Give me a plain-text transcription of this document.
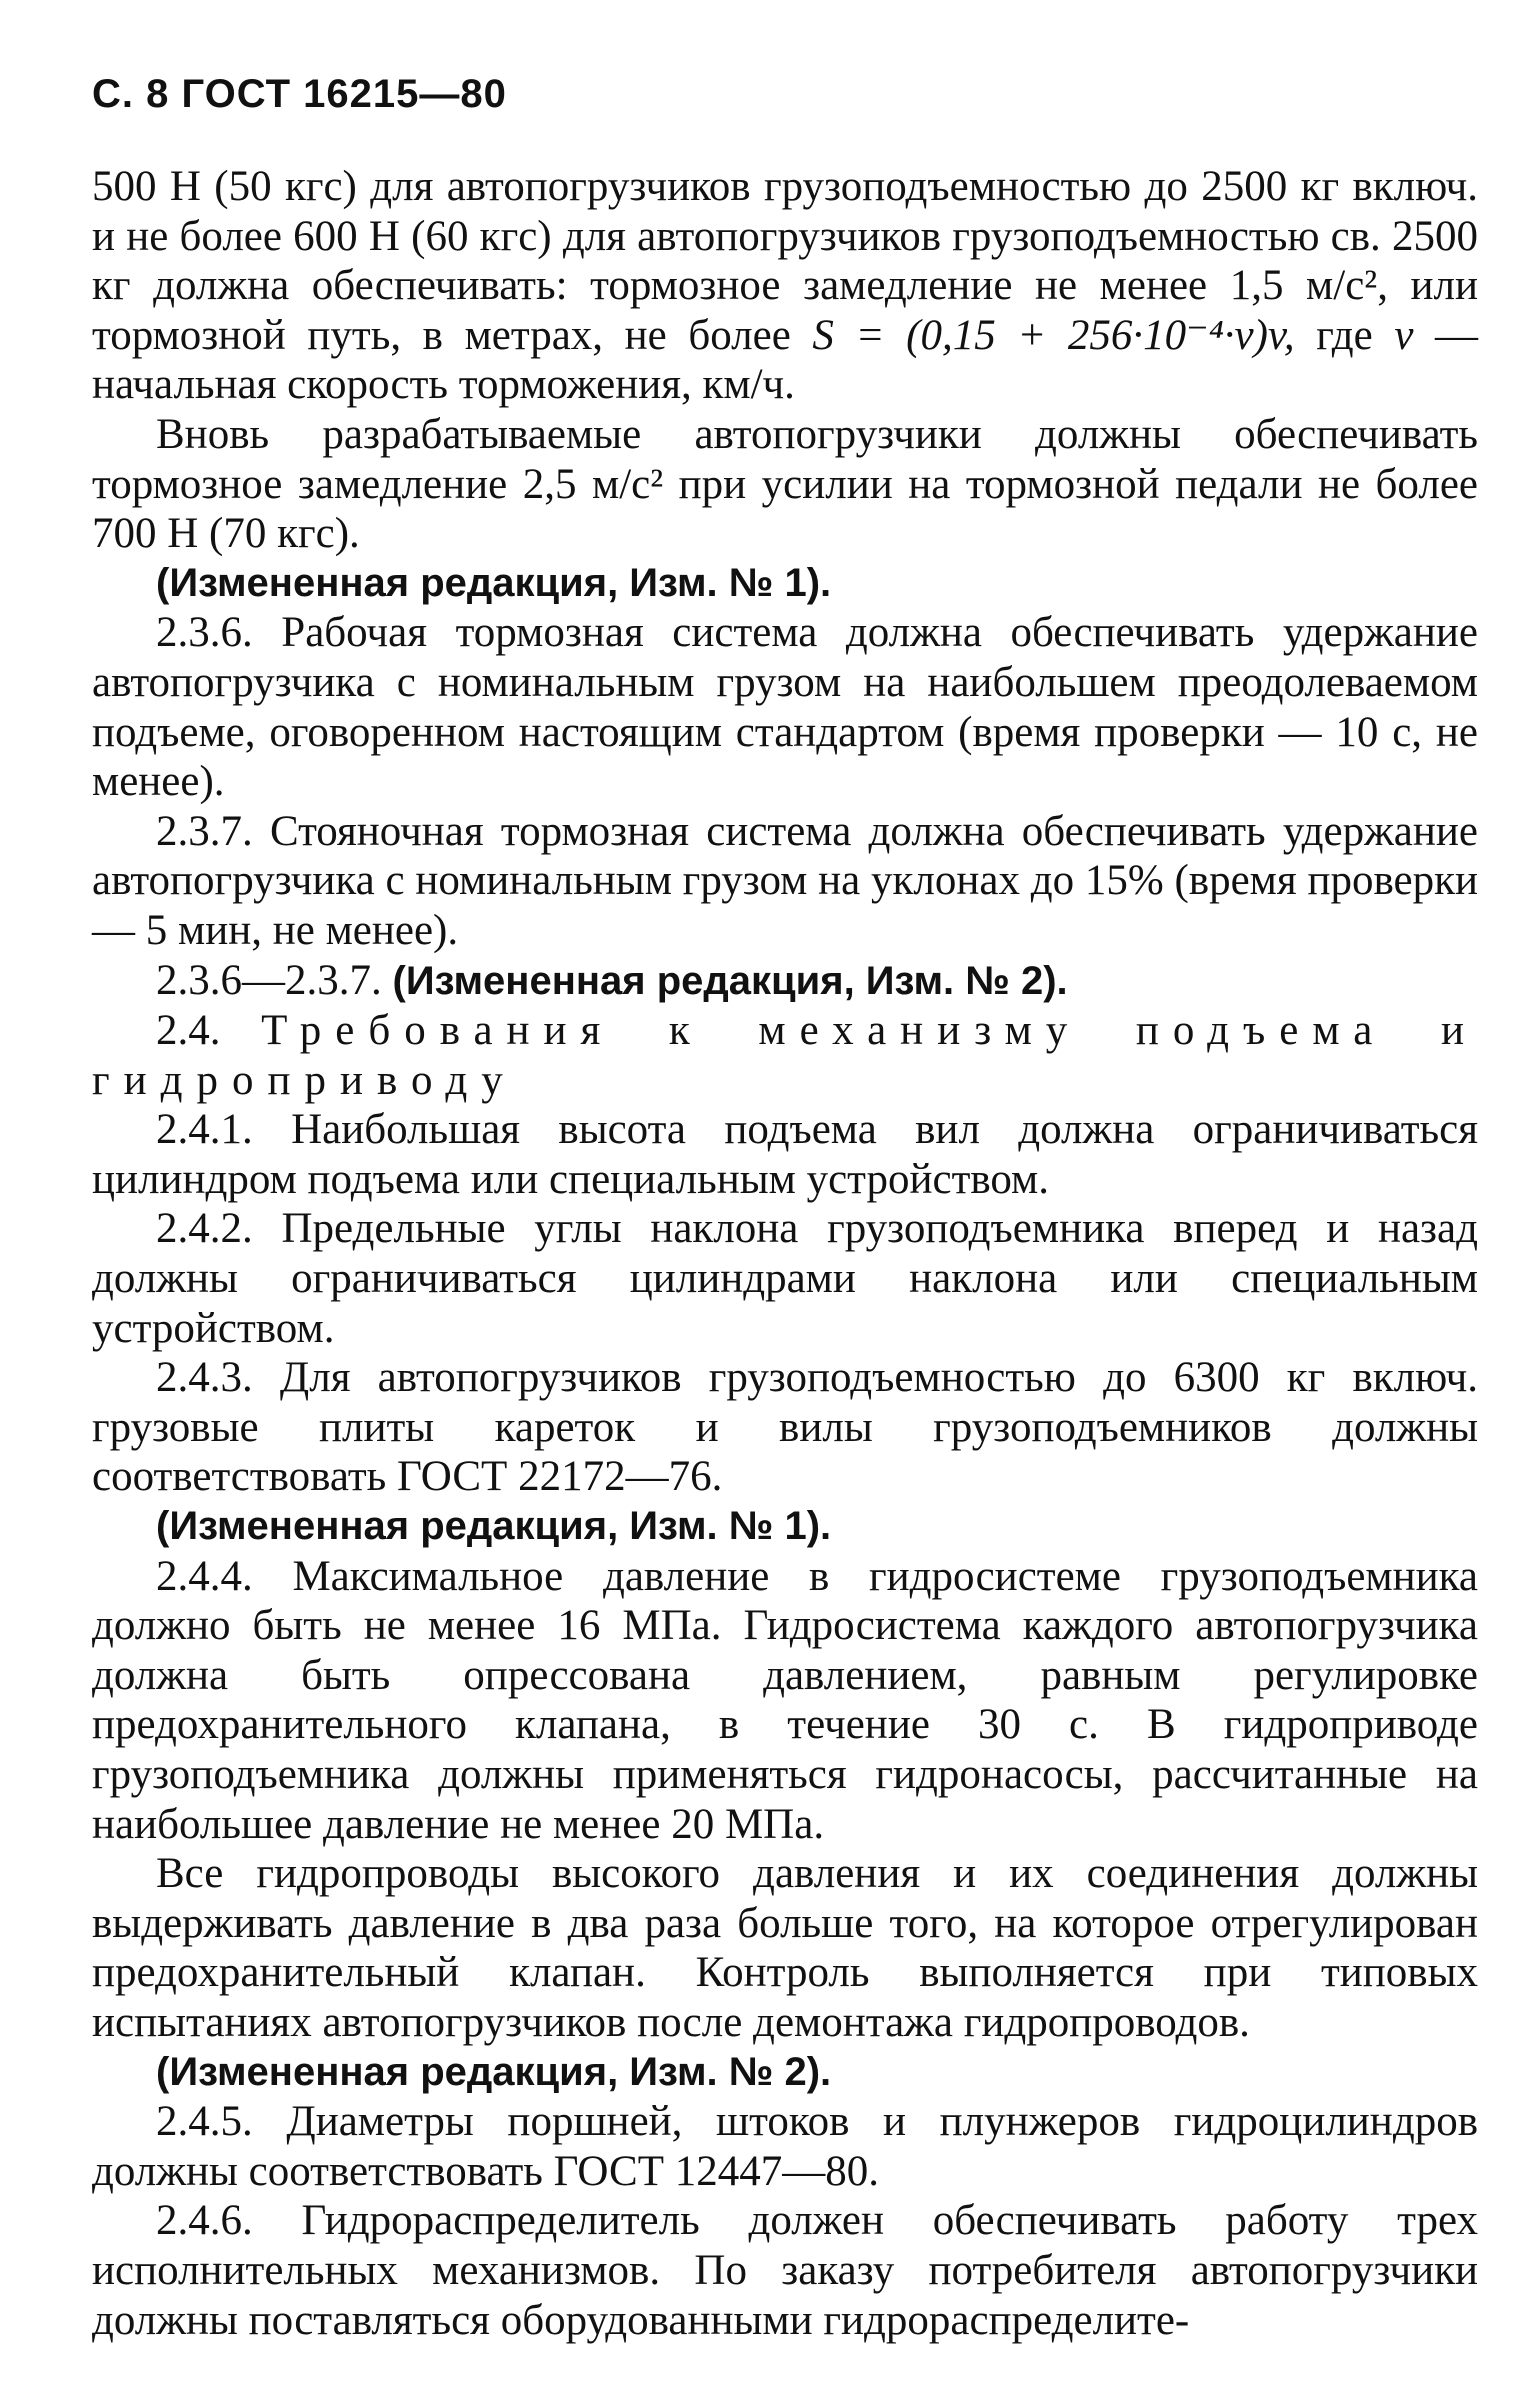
С. 8 ГОСТ 16215—80

500 Н (50 кгс) для автопогрузчиков грузоподъемностью до 2500 кг включ. и не более 600 Н (60 кгс) для автопогрузчиков грузоподъемностью св. 2500 кг должна обеспечивать: тормозное замедление не менее 1,5 м/с², или тормозной путь, в метрах, не более S = (0,15 + 256·10⁻⁴·v)v, где v — начальная скорость торможения, км/ч.

Вновь разрабатываемые автопогрузчики должны обеспечивать тормозное замедление 2,5 м/с² при усилии на тормозной педали не более 700 Н (70 кгс).

(Измененная редакция, Изм. № 1).

2.3.6. Рабочая тормозная система должна обеспечивать удержание автопогрузчика с номинальным грузом на наибольшем преодолеваемом подъеме, оговоренном настоящим стандартом (время проверки — 10 с, не менее).

2.3.7. Стояночная тормозная система должна обеспечивать удержание автопогрузчика с номинальным грузом на уклонах до 15% (время проверки — 5 мин, не менее).

2.3.6—2.3.7. (Измененная редакция, Изм. № 2).

2.4. Требования к механизму подъема и гидроприводу

2.4.1. Наибольшая высота подъема вил должна ограничиваться цилиндром подъема или специальным устройством.

2.4.2. Предельные углы наклона грузоподъемника вперед и назад должны ограничиваться цилиндрами наклона или специальным устройством.

2.4.3. Для автопогрузчиков грузоподъемностью до 6300 кг включ. грузовые плиты кареток и вилы грузоподъемников должны соответствовать ГОСТ 22172—76.

(Измененная редакция, Изм. № 1).

2.4.4. Максимальное давление в гидросистеме грузоподъемника должно быть не менее 16 МПа. Гидросистема каждого автопогрузчика должна быть опрессована давлением, равным регулировке предохранительного клапана, в течение 30 с. В гидроприводе грузоподъемника должны применяться гидронасосы, рассчитанные на наибольшее давление не менее 20 МПа.

Все гидропроводы высокого давления и их соединения должны выдерживать давление в два раза больше того, на которое отрегулирован предохранительный клапан. Контроль выполняется при типовых испытаниях автопогрузчиков после демонтажа гидропроводов.

(Измененная редакция, Изм. № 2).

2.4.5. Диаметры поршней, штоков и плунжеров гидроцилиндров должны соответствовать ГОСТ 12447—80.

2.4.6. Гидрораспределитель должен обеспечивать работу трех исполнительных механизмов. По заказу потребителя автопогрузчики должны поставляться оборудованными гидрораспределите-
